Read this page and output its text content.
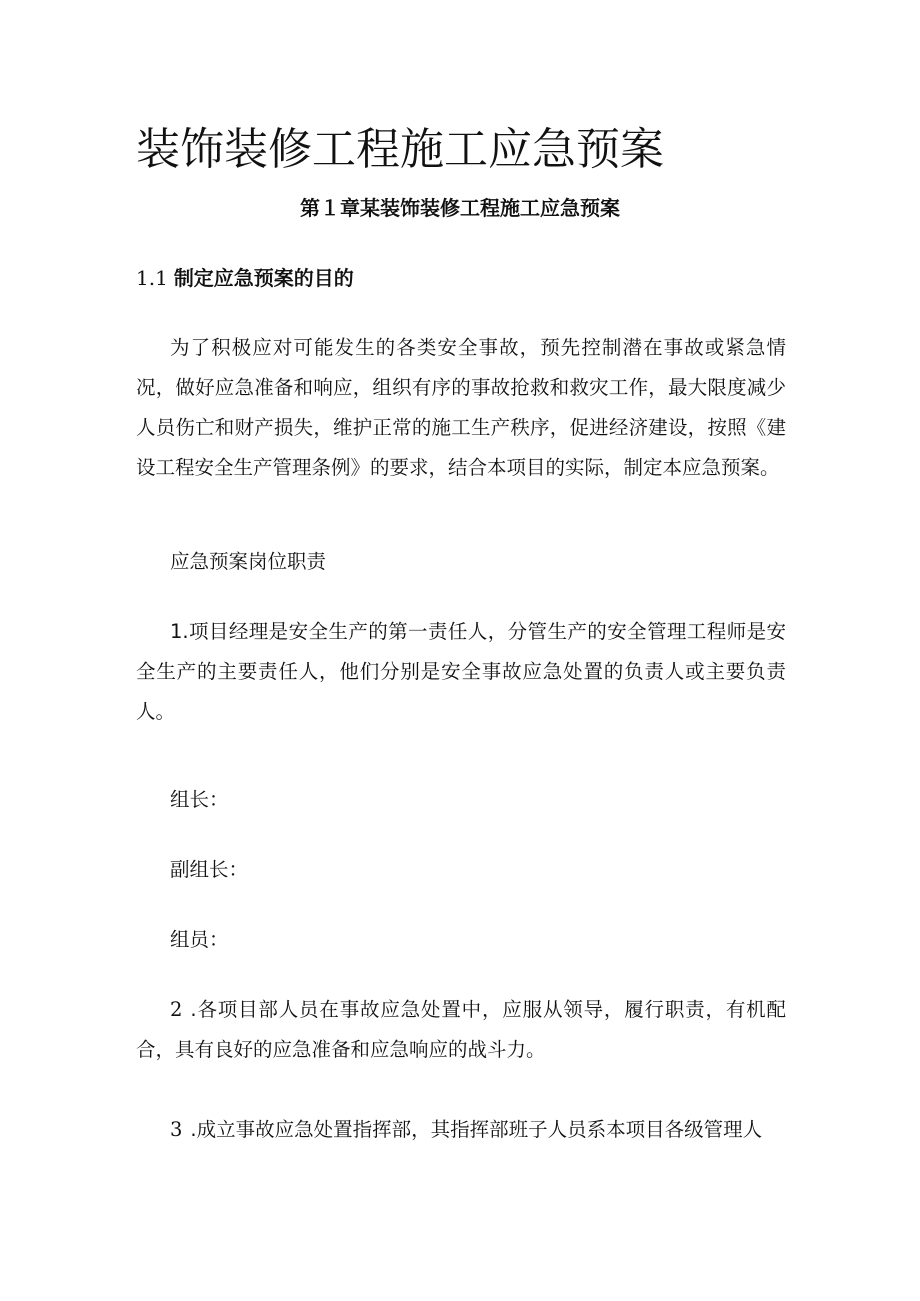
装饰装修工程施工应急预案
第１章某装饰装修工程施工应急预案
1.1 制定应急预案的目的

为了积极应对可能发生的各类安全事故，预先控制潜在事故或紧急情况，做好应急准备和响应，组织有序的事故抢救和救灾工作，最大限度减少人员伤亡和财产损失，维护正常的施工生产秩序，促进经济建设，按照《建设工程安全生产管理条例》的要求，结合本项目的实际，制定本应急预案。

应急预案岗位职责

1.项目经理是安全生产的第一责任人，分管生产的安全管理工程师是安全生产的主要责任人，他们分别是安全事故应急处置的负责人或主要负责人。

组长：

副组长：

组员：

2 .各项目部人员在事故应急处置中，应服从领导，履行职责，有机配合，具有良好的应急准备和应急响应的战斗力。

3 .成立事故应急处置指挥部，其指挥部班子人员系本项目各级管理人
